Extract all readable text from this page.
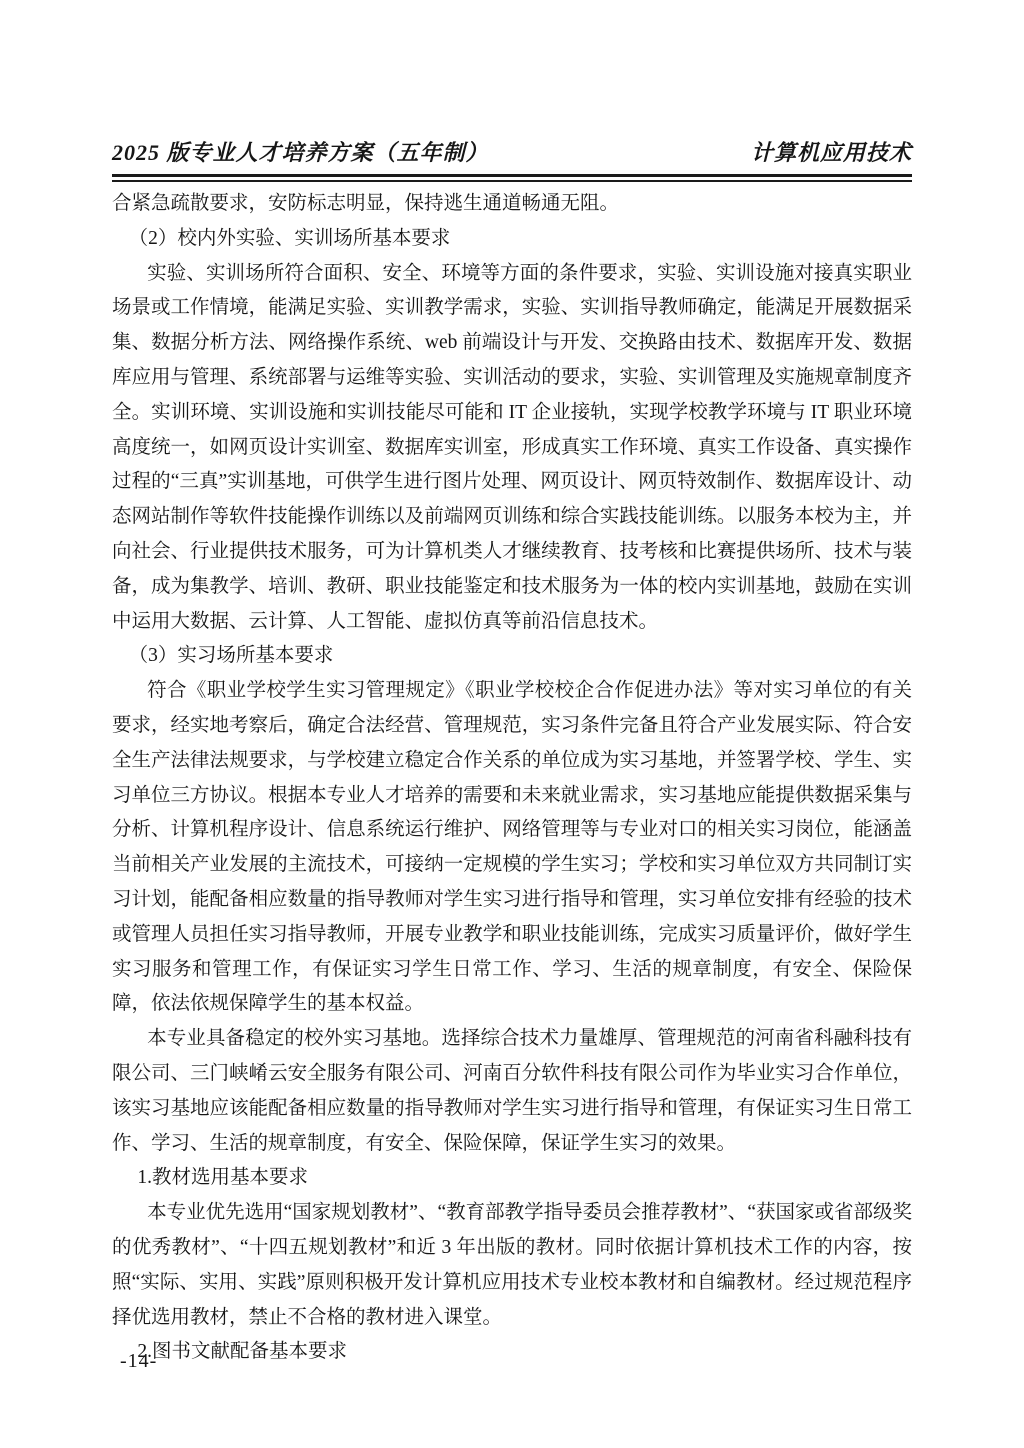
2025 版专业人才培养方案（五年制）	计算机应用技术

合紧急疏散要求，安防标志明显，保持逃生通道畅通无阻。

（2）校内外实验、实训场所基本要求

实验、实训场所符合面积、安全、环境等方面的条件要求，实验、实训设施对接真实职业场景或工作情境，能满足实验、实训教学需求，实验、实训指导教师确定，能满足开展数据采集、数据分析方法、网络操作系统、web 前端设计与开发、交换路由技术、数据库开发、数据库应用与管理、系统部署与运维等实验、实训活动的要求，实验、实训管理及实施规章制度齐全。实训环境、实训设施和实训技能尽可能和 IT 企业接轨，实现学校教学环境与 IT 职业环境高度统一，如网页设计实训室、数据库实训室，形成真实工作环境、真实工作设备、真实操作过程的“三真”实训基地，可供学生进行图片处理、网页设计、网页特效制作、数据库设计、动态网站制作等软件技能操作训练以及前端网页训练和综合实践技能训练。以服务本校为主，并向社会、行业提供技术服务，可为计算机类人才继续教育、技考核和比赛提供场所、技术与装备，成为集教学、培训、教研、职业技能鉴定和技术服务为一体的校内实训基地，鼓励在实训中运用大数据、云计算、人工智能、虚拟仿真等前沿信息技术。

（3）实习场所基本要求

符合《职业学校学生实习管理规定》《职业学校校企合作促进办法》等对实习单位的有关要求，经实地考察后，确定合法经营、管理规范，实习条件完备且符合产业发展实际、符合安全生产法律法规要求，与学校建立稳定合作关系的单位成为实习基地，并签署学校、学生、实习单位三方协议。根据本专业人才培养的需要和未来就业需求，实习基地应能提供数据采集与分析、计算机程序设计、信息系统运行维护、网络管理等与专业对口的相关实习岗位，能涵盖当前相关产业发展的主流技术，可接纳一定规模的学生实习；学校和实习单位双方共同制订实习计划，能配备相应数量的指导教师对学生实习进行指导和管理，实习单位安排有经验的技术或管理人员担任实习指导教师，开展专业教学和职业技能训练，完成实习质量评价，做好学生实习服务和管理工作，有保证实习学生日常工作、学习、生活的规章制度，有安全、保险保障，依法依规保障学生的基本权益。

本专业具备稳定的校外实习基地。选择综合技术力量雄厚、管理规范的河南省科融科技有限公司、三门峡崤云安全服务有限公司、河南百分软件科技有限公司作为毕业实习合作单位，该实习基地应该能配备相应数量的指导教师对学生实习进行指导和管理，有保证实习生日常工作、学习、生活的规章制度，有安全、保险保障，保证学生实习的效果。

1.教材选用基本要求

本专业优先选用“国家规划教材”、“教育部教学指导委员会推荐教材”、“获国家或省部级奖的优秀教材”、“十四五规划教材”和近 3 年出版的教材。同时依据计算机技术工作的内容，按照“实际、实用、实践”原则积极开发计算机应用技术专业校本教材和自编教材。经过规范程序择优选用教材，禁止不合格的教材进入课堂。

2.图书文献配备基本要求

-14-
